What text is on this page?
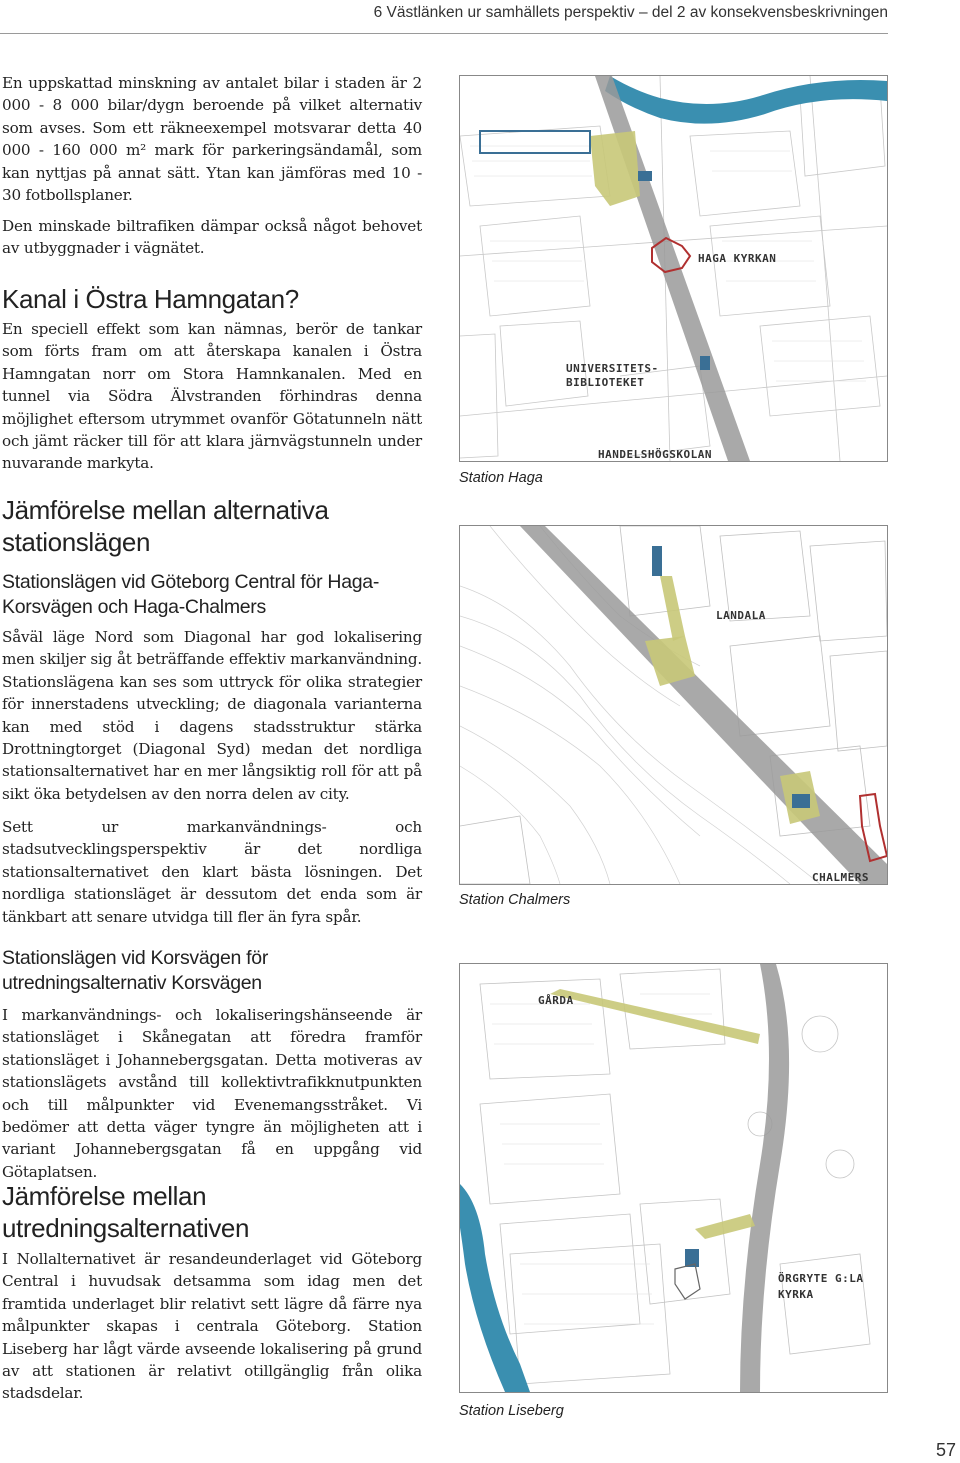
6 Västlänken ur samhällets perspektiv – del 2 av konsekvensbeskrivningen

En uppskattad minskning av antalet bilar i staden är 2 000 - 8 000 bilar/dygn beroende på vilket alternativ som avses. Som ett räkneexempel motsvarar detta 40 000 - 160 000 m² mark för parkeringsändamål, som kan nyttjas på annat sätt. Ytan kan jämföras med 10 - 30 fotbollsplaner.

Den minskade biltrafiken dämpar också något behovet av utbyggnader i vägnätet.

Kanal i Östra Hamngatan?

En speciell effekt som kan nämnas, berör de tankar som förts fram om att återskapa kanalen i Östra Hamngatan norr om Stora Hamnkanalen. Med en tunnel via Södra Älvstranden förhindras denna möjlighet eftersom utrymmet ovanför Götatunneln nätt och jämt räcker till för att klara järnvägstunneln under nuvarande markyta.

Jämförelse mellan alternativa stationslägen
Stationslägen vid Göteborg Central för Haga-Korsvägen och Haga-Chalmers

Såväl läge Nord som Diagonal har god lokalisering men skiljer sig åt beträffande effektiv markanvändning. Stationslägena kan ses som uttryck för olika strategier för innerstadens utveckling; de diagonala varianterna kan med stöd i dagens stadsstruktur stärka Drottningtorget (Diagonal Syd) medan det nordliga stationsalternativet har en mer långsiktig roll för att på sikt öka betydelsen av den norra delen av city.

Sett ur markanvändnings- och stadsutvecklingsperspektiv är det nordliga stationsalternativet den klart bästa lösningen. Det nordliga stationsläget är dessutom det enda som är tänkbart att senare utvidga till fler än fyra spår.

Stationslägen vid Korsvägen för utredningsalternativ Korsvägen

I markanvändnings- och lokaliseringshänseende är stationsläget i Skånegatan att föredra framför stationsläget i Johannebergsgatan. Detta motiveras av stationslägets avstånd till kollektivtrafikknutpunkten och till målpunkter vid Evenemangsstråket. Vi bedömer att detta väger tyngre än möjligheten att i variant Johannebergsgatan få en uppgång vid Götaplatsen.

Jämförelse mellan utredningsalternativen

I Nollalternativet är resandeunderlaget vid Göteborg Central i huvudsak detsamma som idag men det framtida underlaget blir relativt sett lägre då färre nya målpunkter skapas i centrala Göteborg. Station Liseberg har lågt värde avseende lokalisering på grund av att stationen är relativt otillgänglig från olika stadsdelar.

HAGA KYRKAN
UNIVERSITETS-
BIBLIOTEKET
HANDELSHÖGSKOLAN
Station Haga
LANDALA
CHALMERS
Station Chalmers
GÅRDA
ÖRGRYTE G:LA
KYRKA
Station Liseberg
57
